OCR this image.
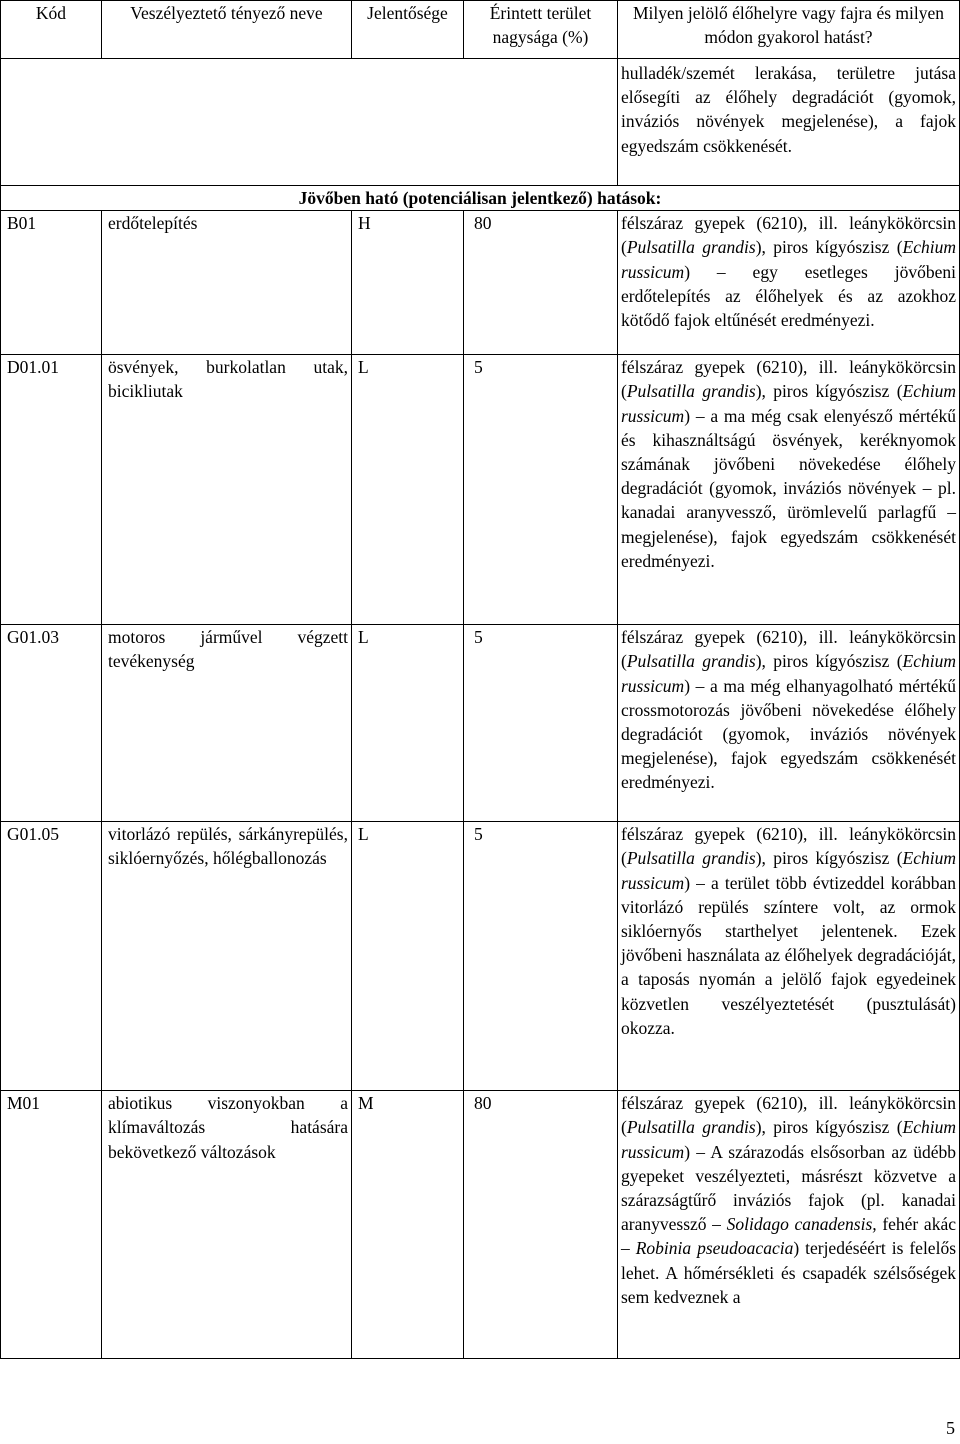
Kód	Veszélyeztető tényező neve	Jelentősége	Érintett terület nagysága (%)	Milyen jelölő élőhelyre vagy fajra és milyen módon gyakorol hatást?
				hulladék/szemét lerakása, területre jutása elősegíti az élőhely degradációt (gyomok, inváziós növények megjelenése), a fajok egyedszám csökkenését.
Jövőben ható (potenciálisan jelentkező) hatások:				
B01	erdőtelepítés	H	80	félszáraz gyepek (6210), ill. leánykökörcsin (Pulsatilla grandis), piros kígyószisz (Echium russicum) – egy esetleges jövőbeni erdőtelepítés az élőhelyek és az azokhoz kötődő fajok eltűnését eredményezi.
D01.01	ösvények, burkolatlan utak, bicikliutak	L	5	félszáraz gyepek (6210), ill. leánykökörcsin (Pulsatilla grandis), piros kígyószisz (Echium russicum) – a ma még csak elenyésző mértékű és kihasználtságú ösvények, keréknyomok számának jövőbeni növekedése élőhely degradációt (gyomok, inváziós növények – pl. kanadai aranyvessző, ürömlevelű parlagfű – megjelenése), fajok egyedszám csökkenését eredményezi.
G01.03	motoros járművel végzett tevékenység	L	5	félszáraz gyepek (6210), ill. leánykökörcsin (Pulsatilla grandis), piros kígyószisz (Echium russicum) – a ma még elhanyagolható mértékű crossmotorozás jövőbeni növekedése élőhely degradációt (gyomok, inváziós növények megjelenése), fajok egyedszám csökkenését eredményezi.
G01.05	vitorlázó repülés, sárkányrepülés, siklóernyőzés, hőlégballonozás	L	5	félszáraz gyepek (6210), ill. leánykökörcsin (Pulsatilla grandis), piros kígyószisz (Echium russicum) – a terület több évtizeddel korábban vitorlázó repülés színtere volt, az ormok siklóernyős starthelyet jelentenek. Ezek jövőbeni használata az élőhelyek degradációját, a taposás nyomán a jelölő fajok egyedeinek közvetlen veszélyeztetését (pusztulását) okozza.
M01	abiotikus viszonyokban a klímaváltozás hatására bekövetkező változások	M	80	félszáraz gyepek (6210), ill. leánykökörcsin (Pulsatilla grandis), piros kígyószisz (Echium russicum) – A szárazodás elsősorban az üdébb gyepeket veszélyezteti, másrészt közvetve a szárazságtűrő inváziós fajok (pl. kanadai aranyvessző – Solidago canadensis, fehér akác – Robinia pseudoacacia) terjedéséért is felelős lehet. A hőmérsékleti és csapadék szélsőségek sem kedveznek a
5
